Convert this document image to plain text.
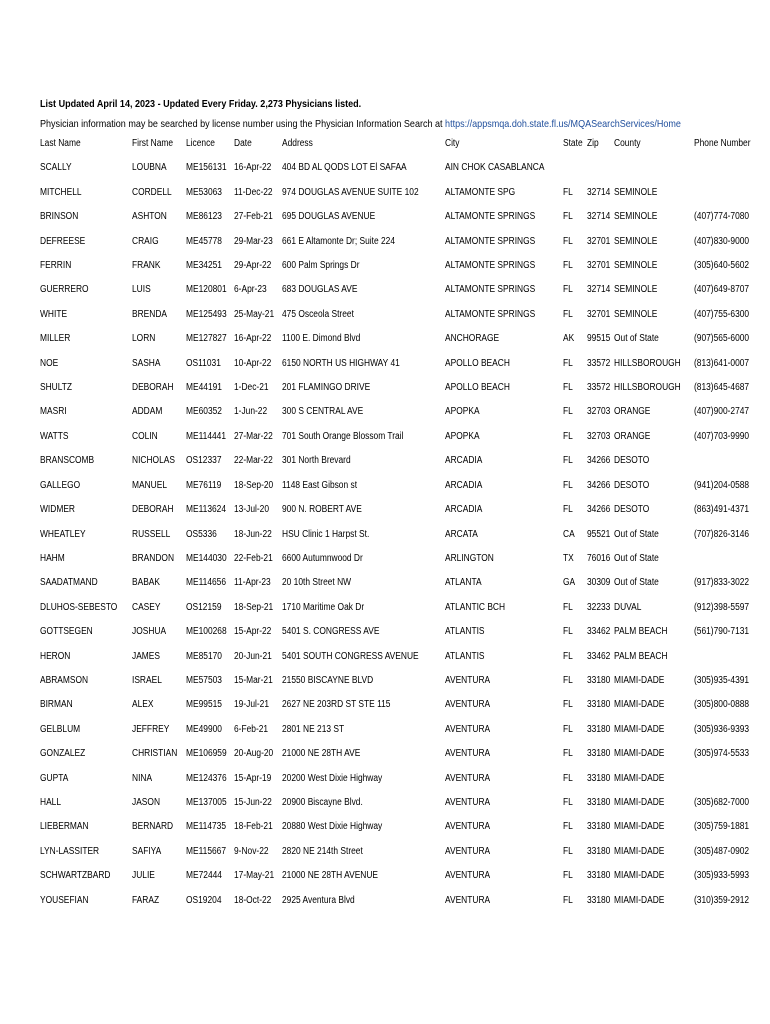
List Updated April 14, 2023 - Updated Every Friday. 2,273 Physicians listed.
Physician information may be searched by license number using the Physician Information Search at https://appsmqa.doh.state.fl.us/MQASearchServices/Home
Last Name	First Name	Licence	Date	Address	City	State	Zip	County	Phone Number
SCALLY	LOUBNA	ME156131	16-Apr-22	404 BD AL QODS LOT El SAFAA	AIN CHOK CASABLANCA				
MITCHELL	CORDELL	ME53063	11-Dec-22	974 DOUGLAS AVENUE SUITE 102	ALTAMONTE SPG	FL	32714	SEMINOLE	
BRINSON	ASHTON	ME86123	27-Feb-21	695 DOUGLAS AVENUE	ALTAMONTE SPRINGS	FL	32714	SEMINOLE	(407)774-7080
DEFREESE	CRAIG	ME45778	29-Mar-23	661 E Altamonte Dr; Suite 224	ALTAMONTE SPRINGS	FL	32701	SEMINOLE	(407)830-9000
FERRIN	FRANK	ME34251	29-Apr-22	600 Palm Springs Dr	ALTAMONTE SPRINGS	FL	32701	SEMINOLE	(305)640-5602
GUERRERO	LUIS	ME120801	6-Apr-23	683 DOUGLAS AVE	ALTAMONTE SPRINGS	FL	32714	SEMINOLE	(407)649-8707
WHITE	BRENDA	ME125493	25-May-21	475 Osceola Street	ALTAMONTE SPRINGS	FL	32701	SEMINOLE	(407)755-6300
MILLER	LORN	ME127827	16-Apr-22	1100 E. Dimond Blvd	ANCHORAGE	AK	99515	Out of State	(907)565-6000
NOE	SASHA	OS11031	10-Apr-22	6150 NORTH US HIGHWAY 41	APOLLO BEACH	FL	33572	HILLSBOROUGH	(813)641-0007
SHULTZ	DEBORAH	ME44191	1-Dec-21	201 FLAMINGO DRIVE	APOLLO BEACH	FL	33572	HILLSBOROUGH	(813)645-4687
MASRI	ADDAM	ME60352	1-Jun-22	300 S CENTRAL AVE	APOPKA	FL	32703	ORANGE	(407)900-2747
WATTS	COLIN	ME114441	27-Mar-22	701 South Orange Blossom Trail	APOPKA	FL	32703	ORANGE	(407)703-9990
BRANSCOMB	NICHOLAS	OS12337	22-Mar-22	301 North Brevard	ARCADIA	FL	34266	DESOTO	
GALLEGO	MANUEL	ME76119	18-Sep-20	1148 East Gibson st	ARCADIA	FL	34266	DESOTO	(941)204-0588
WIDMER	DEBORAH	ME113624	13-Jul-20	900 N. ROBERT AVE	ARCADIA	FL	34266	DESOTO	(863)491-4371
WHEATLEY	RUSSELL	OS5336	18-Jun-22	HSU Clinic 1 Harpst St.	ARCATA	CA	95521	Out of State	(707)826-3146
HAHM	BRANDON	ME144030	22-Feb-21	6600 Autumnwood Dr	ARLINGTON	TX	76016	Out of State	
SAADATMAND	BABAK	ME114656	11-Apr-23	20 10th Street NW	ATLANTA	GA	30309	Out of State	(917)833-3022
DLUHOS-SEBESTO	CASEY	OS12159	18-Sep-21	1710 Maritime Oak Dr	ATLANTIC BCH	FL	32233	DUVAL	(912)398-5597
GOTTSEGEN	JOSHUA	ME100268	15-Apr-22	5401 S. CONGRESS AVE	ATLANTIS	FL	33462	PALM BEACH	(561)790-7131
HERON	JAMES	ME85170	20-Jun-21	5401 SOUTH CONGRESS AVENUE	ATLANTIS	FL	33462	PALM BEACH	
ABRAMSON	ISRAEL	ME57503	15-Mar-21	21550 BISCAYNE BLVD	AVENTURA	FL	33180	MIAMI-DADE	(305)935-4391
BIRMAN	ALEX	ME99515	19-Jul-21	2627 NE 203RD ST STE 115	AVENTURA	FL	33180	MIAMI-DADE	(305)800-0888
GELBLUM	JEFFREY	ME49900	6-Feb-21	2801 NE 213 ST	AVENTURA	FL	33180	MIAMI-DADE	(305)936-9393
GONZALEZ	CHRISTIAN	ME106959	20-Aug-20	21000 NE 28TH AVE	AVENTURA	FL	33180	MIAMI-DADE	(305)974-5533
GUPTA	NINA	ME124376	15-Apr-19	20200 West Dixie Highway	AVENTURA	FL	33180	MIAMI-DADE	
HALL	JASON	ME137005	15-Jun-22	20900 Biscayne Blvd.	AVENTURA	FL	33180	MIAMI-DADE	(305)682-7000
LIEBERMAN	BERNARD	ME114735	18-Feb-21	20880 West Dixie Highway	AVENTURA	FL	33180	MIAMI-DADE	(305)759-1881
LYN-LASSITER	SAFIYA	ME115667	9-Nov-22	2820 NE 214th Street	AVENTURA	FL	33180	MIAMI-DADE	(305)487-0902
SCHWARTZBARD	JULIE	ME72444	17-May-21	21000 NE 28TH AVENUE	AVENTURA	FL	33180	MIAMI-DADE	(305)933-5993
YOUSEFIAN	FARAZ	OS19204	18-Oct-22	2925 Aventura Blvd	AVENTURA	FL	33180	MIAMI-DADE	(310)359-2912
